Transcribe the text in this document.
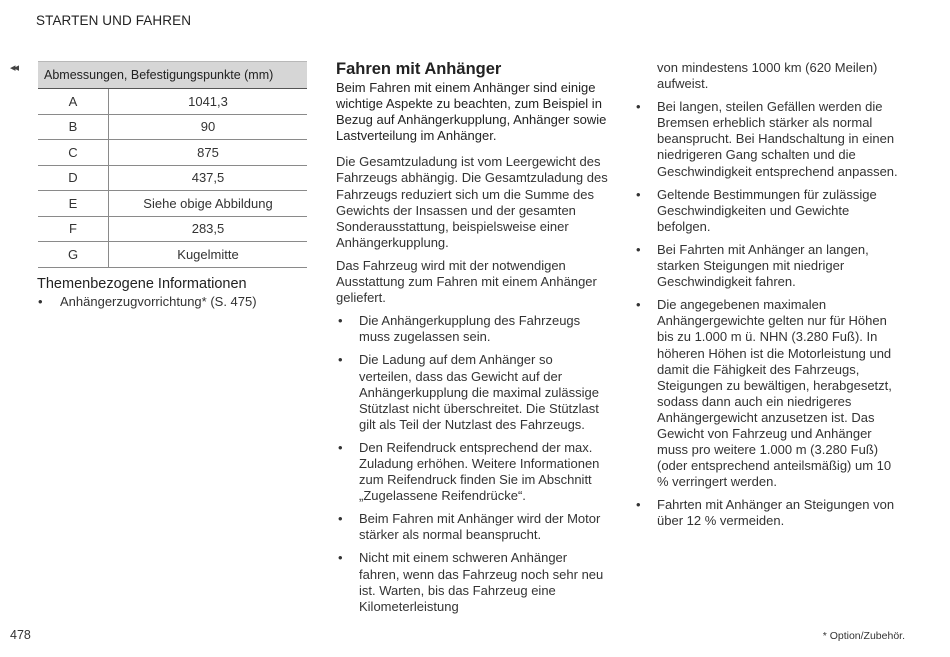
STARTEN UND FAHREN
◂◂ Abmessungen, Befestigungspunkte (mm)	
A	1041,3
B	90
C	875
D	437,5
E	Siehe obige Abbildung
F	283,5
G	Kugelmitte
Themenbezogene Informationen
• Anhängerzugvorrichtung* (S. 475)
Fahren mit Anhänger

Beim Fahren mit einem Anhänger sind einige wichtige Aspekte zu beachten, zum Beispiel in Bezug auf Anhängerkupplung, Anhänger sowie Lastverteilung im Anhänger.

Die Gesamtzuladung ist vom Leergewicht des Fahrzeugs abhängig. Die Gesamtzuladung des Fahrzeugs reduziert sich um die Summe des Gewichts der Insassen und der gesamten Sonderausstattung, beispielsweise einer Anhängerkupplung.

Das Fahrzeug wird mit der notwendigen Ausstattung zum Fahren mit einem Anhänger geliefert.

• Die Anhängerkupplung des Fahrzeugs muss zugelassen sein.
• Die Ladung auf dem Anhänger so verteilen, dass das Gewicht auf der Anhängerkupplung die maximal zulässige Stützlast nicht überschreitet. Die Stützlast gilt als Teil der Nutzlast des Fahrzeugs.
• Den Reifendruck entsprechend der max. Zuladung erhöhen. Weitere Informationen zum Reifendruck finden Sie im Abschnitt „Zugelassene Reifendrücke“.
• Beim Fahren mit Anhänger wird der Motor stärker als normal beansprucht.
• Nicht mit einem schweren Anhänger fahren, wenn das Fahrzeug noch sehr neu ist. Warten, bis das Fahrzeug eine Kilometerleistung
von mindestens 1000 km (620 Meilen) aufweist.
• Bei langen, steilen Gefällen werden die Bremsen erheblich stärker als normal beansprucht. Bei Handschaltung in einen niedrigeren Gang schalten und die Geschwindigkeit entsprechend anpassen.
• Geltende Bestimmungen für zulässige Geschwindigkeiten und Gewichte befolgen.
• Bei Fahrten mit Anhänger an langen, starken Steigungen mit niedriger Geschwindigkeit fahren.
• Die angegebenen maximalen Anhängergewichte gelten nur für Höhen bis zu 1.000 m ü. NHN (3.280 Fuß). In höheren Höhen ist die Motorleistung und damit die Fähigkeit des Fahrzeugs, Steigungen zu bewältigen, herabgesetzt, sodass dann auch ein niedrigeres Anhängergewicht anzusetzen ist. Das Gewicht von Fahrzeug und Anhänger muss pro weitere 1.000 m (3.280 Fuß) (oder entsprechend anteilsmäßig) um 10 % verringert werden.
• Fahrten mit Anhänger an Steigungen von über 12 % vermeiden.
478	* Option/Zubehör.
